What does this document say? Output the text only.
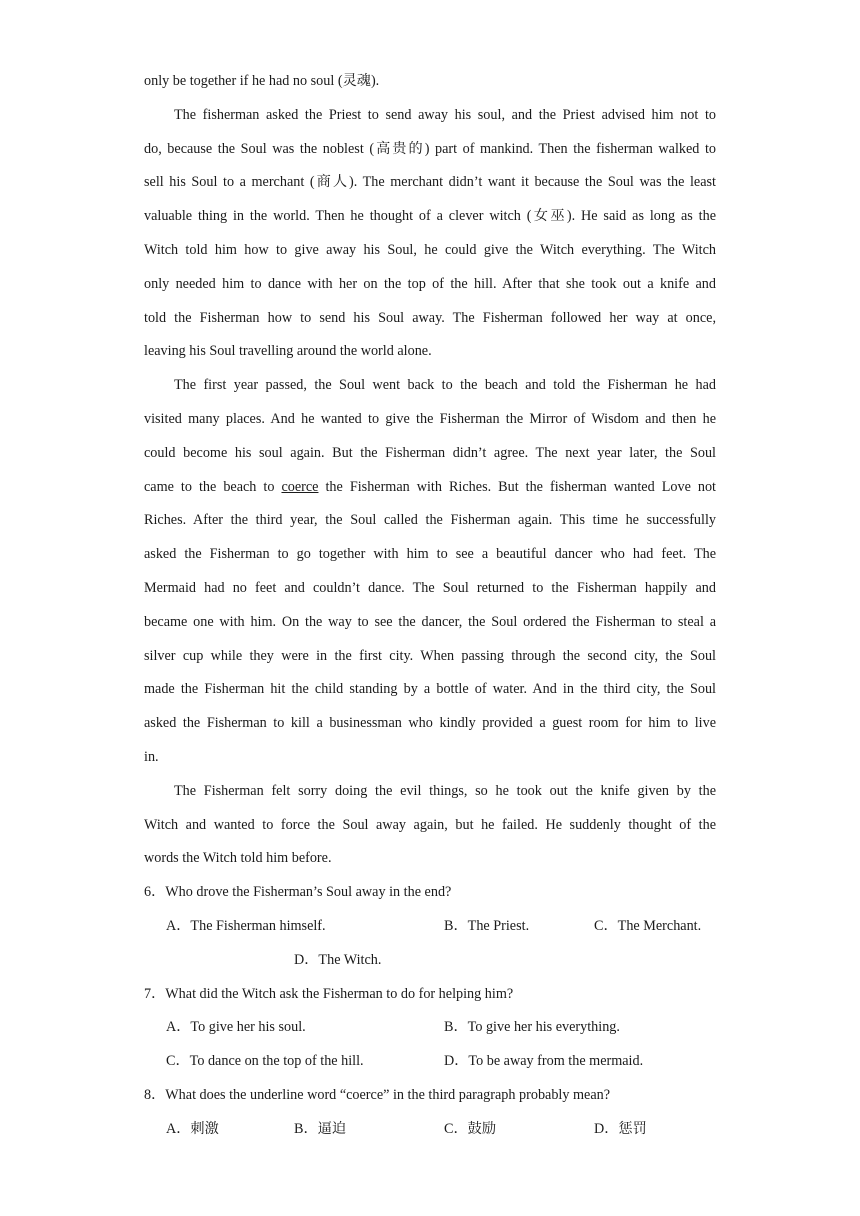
only be together if he had no soul (灵魂).
The fisherman asked the Priest to send away his soul, and the Priest advised him not to
do, because the Soul was the noblest (高贵的) part of mankind. Then the fisherman walked to
sell his Soul to a merchant (商人). The merchant didn’t want it because the Soul was the least
valuable thing in the world. Then he thought of a clever witch (女巫). He said as long as the
Witch told him how to give away his Soul, he could give the Witch everything. The Witch
only needed him to dance with her on the top of the hill. After that she took out a knife and
told the Fisherman how to send his Soul away. The Fisherman followed her way at once,
leaving his Soul travelling around the world alone.
The first year passed, the Soul went back to the beach and told the Fisherman he had
visited many places. And he wanted to give the Fisherman the Mirror of Wisdom and then he
could become his soul again. But the Fisherman didn’t agree. The next year later, the Soul
came to the beach to coerce the Fisherman with Riches. But the fisherman wanted Love not
Riches. After the third year, the Soul called the Fisherman again. This time he successfully
asked the Fisherman to go together with him to see a beautiful dancer who had feet. The
Mermaid had no feet and couldn’t dance. The Soul returned to the Fisherman happily and
became one with him. On the way to see the dancer, the Soul ordered the Fisherman to steal a
silver cup while they were in the first city. When passing through the second city, the Soul
made the Fisherman hit the child standing by a bottle of water. And in the third city, the Soul
asked the Fisherman to kill a businessman who kindly provided a guest room for him to live
in.
The Fisherman felt sorry doing the evil things, so he took out the knife given by the
Witch and wanted to force the Soul away again, but he failed. He suddenly thought of the
words the Witch told him before.
6．Who drove the Fisherman’s Soul away in the end?
A．The Fisherman himself.	B．The Priest.	C．The Merchant.
D．The Witch.
7．What did the Witch ask the Fisherman to do for helping him?
A．To give her his soul.	B．To give her his everything.
C．To dance on the top of the hill.	D．To be away from the mermaid.
8．What does the underline word “coerce” in the third paragraph probably mean?
A．刺激	B．逼迫	C．鼓励	D．惩罚
